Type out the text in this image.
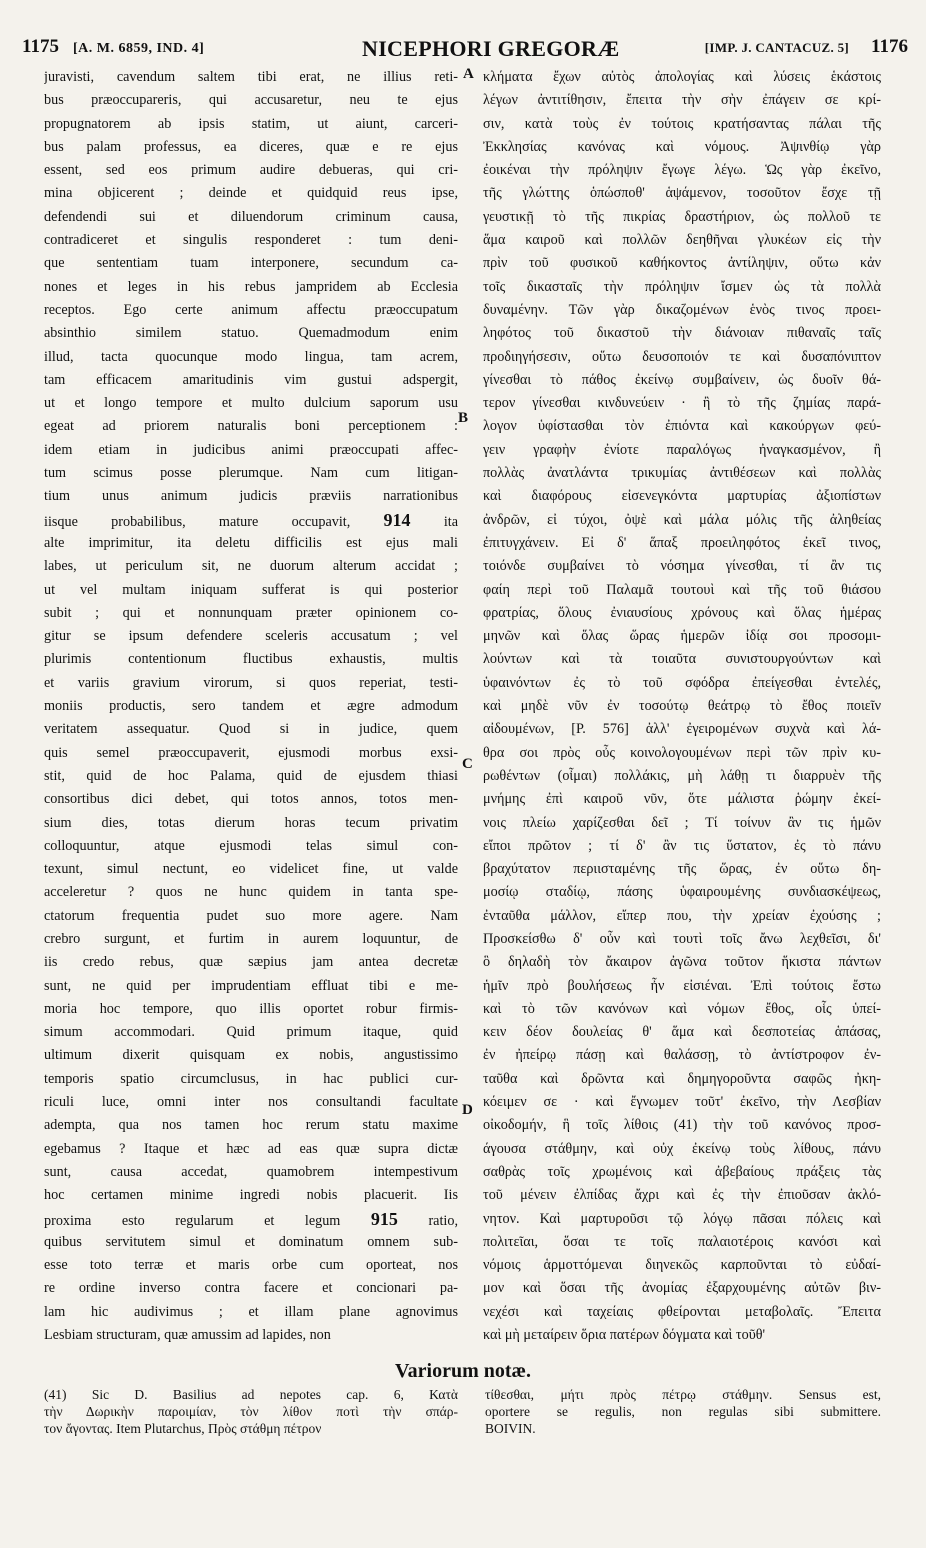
1175 [A. M. 6859, IND. 4]	NICEPHORI GREGORÆ	[IMP. J. CANTACUZ. 5] 1176
A
B
C
D
juravisti, cavendum saltem tibi erat, ne illius reti-
bus præoccupareris, qui accusaretur, neu te ejus
propugnatorem ab ipsis statim, ut aiunt, carceri-
bus palam professus, ea diceres, quæ e re ejus
essent, sed eos primum audire debueras, qui cri-
mina objicerent ; deinde et quidquid reus ipse,
defendendi sui et diluendorum criminum causa,
contradiceret et singulis responderet : tum deni-
que sententiam tuam interponere, secundum ca-
nones et leges in his rebus jampridem ab Ecclesia
receptos. Ego certe animum affectu præoccupatum
absinthio similem statuo. Quemadmodum enim
illud, tacta quocunque modo lingua, tam acrem,
tam efficacem amaritudinis vim gustui adspergit,
ut et longo tempore et multo dulcium saporum usu
egeat ad priorem naturalis boni perceptionem :
idem etiam in judicibus animi præoccupati affec-
tum scimus posse plerumque. Nam cum litigan-
tium unus animum judicis præviis narrationibus
iisque probabilibus, mature occupavit, 914 ita
alte imprimitur, ita deletu difficilis est ejus mali
labes, ut periculum sit, ne duorum alterum accidat ;
ut vel multam iniquam sufferat is qui posterior
subit ; qui et nonnunquam præter opinionem co-
gitur se ipsum defendere sceleris accusatum ; vel
plurimis contentionum fluctibus exhaustis, multis
et variis gravium virorum, si quos reperiat, testi-
moniis productis, sero tandem et ægre admodum
veritatem assequatur. Quod si in judice, quem
quis semel præoccupaverit, ejusmodi morbus exsi-
stit, quid de hoc Palama, quid de ejusdem thiasi
consortibus dici debet, qui totos annos, totos men-
sium dies, totas dierum horas tecum privatim
colloquuntur, atque ejusmodi telas simul con-
texunt, simul nectunt, eo videlicet fine, ut valde
acceleretur ? quos ne hunc quidem in tanta spe-
ctatorum frequentia pudet suo more agere. Nam
crebro surgunt, et furtim in aurem loquuntur, de
iis credo rebus, quæ sæpius jam antea decretæ
sunt, ne quid per imprudentiam effluat tibi e me-
moria hoc tempore, quo illis oportet robur firmis-
simum accommodari. Quid primum itaque, quid
ultimum dixerit quisquam ex nobis, angustissimo
temporis spatio circumclusus, in hac publici cur-
riculi luce, omni inter nos consultandi facultate
adempta, qua nos tamen hoc rerum statu maxime
egebamus ? Itaque et hæc ad eas quæ supra dictæ
sunt, causa accedat, quamobrem intempestivum
hoc certamen minime ingredi nobis placuerit. Iis
proxima esto regularum et legum 915 ratio,
quibus servitutem simul et dominatum omnem sub-
esse toto terræ et maris orbe cum oporteat, nos
re ordine inverso contra facere et concionari pa-
lam hic audivimus ; et illam plane agnovimus
Lesbiam structuram, quæ amussim ad lapides, non
κλήματα ἔχων αὐτὸς ἀπολογίας καὶ λύσεις ἑκάστοις
λέγων ἀντιτίθησιν, ἔπειτα τὴν σὴν ἐπάγειν σε κρί-
σιν, κατὰ τοὺς ἐν τούτοις κρατήσαντας πάλαι τῆς
Ἐκκλησίας κανόνας καὶ νόμους. Ἀψινθίῳ γὰρ
ἐοικέναι τὴν πρόληψιν ἔγωγε λέγω. Ὡς γὰρ ἐκεῖνο,
τῆς γλώττης ὁπώσποθ' ἁψάμενον, τοσοῦτον ἔσχε τῇ
γευστικῇ τὸ τῆς πικρίας δραστήριον, ὡς πολλοῦ τε
ἅμα καιροῦ καὶ πολλῶν δεηθῆναι γλυκέων εἰς τὴν
πρὶν τοῦ φυσικοῦ καθήκοντος ἀντίληψιν, οὕτω κἀν
τοῖς δικασταῖς τὴν πρόληψιν ἴσμεν ὡς τὰ πολλὰ
δυναμένην. Τῶν γὰρ δικαζομένων ἑνὸς τινος προει-
ληφότος τοῦ δικαστοῦ τὴν διάνοιαν πιθαναῖς ταῖς
προδιηγήσεσιν, οὕτω δευσοποιόν τε καὶ δυσαπόνιπτον
γίνεσθαι τὸ πάθος ἐκείνῳ συμβαίνειν, ὡς δυοῖν θά-
τερον γίνεσθαι κινδυνεύειν · ἢ τὸ τῆς ζημίας παρά-
λογον ὑφίστασθαι τὸν ἐπιόντα καὶ κακούργων φεύ-
γειν γραφὴν ἐνίοτε παραλόγως ἠναγκασμένον, ἢ
πολλὰς ἀνατλάντα τρικυμίας ἀντιθέσεων καὶ πολλὰς
καὶ διαφόρους εἰσενεγκόντα μαρτυρίας ἀξιοπίστων
ἀνδρῶν, εἰ τύχοι, ὀψὲ καὶ μάλα μόλις τῆς ἀληθείας
ἐπιτυγχάνειν. Εἰ δ' ἅπαξ προειληφότος ἐκεῖ τινος,
τοιόνδε συμβαίνει τὸ νόσημα γίνεσθαι, τί ἂν τις
φαίη περὶ τοῦ Παλαμᾶ τουτουὶ καὶ τῆς τοῦ θιάσου
φρατρίας, ὅλους ἐνιαυσίους χρόνους καὶ ὅλας ἡμέρας
μηνῶν καὶ ὅλας ὥρας ἡμερῶν ἰδίᾳ σοι προσομι-
λούντων καὶ τὰ τοιαῦτα συνιστουργούντων καὶ
ὑφαινόντων ἐς τὸ τοῦ σφόδρα ἐπείγεσθαι ἐντελές,
καὶ μηδὲ νῦν ἐν τοσούτῳ θεάτρῳ τὸ ἔθος ποιεῖν
αἰδουμένων, [P. 576] ἀλλ' ἐγειρομένων συχνὰ καὶ λά-
θρα σοι πρὸς οὖς κοινολογουμένων περὶ τῶν πρὶν κυ-
ρωθέντων (οἶμαι) πολλάκις, μὴ λάθῃ τι διαρρυὲν τῆς
μνήμης ἐπὶ καιροῦ νῦν, ὅτε μάλιστα ῥώμην ἐκεί-
νοις πλείω χαρίζεσθαι δεῖ ; Τί τοίνυν ἂν τις ἡμῶν
εἴποι πρῶτον ; τί δ' ἂν τις ὕστατον, ἐς τὸ πάνυ
βραχύτατον περιισταμένης τῆς ὥρας, ἐν οὕτω δη-
μοσίῳ σταδίῳ, πάσης ὑφαιρουμένης συνδιασκέψεως,
ἐνταῦθα μάλλον, εἴπερ που, τὴν χρείαν ἐχούσης ;
Προσκείσθω δ' οὖν καὶ τουτὶ τοῖς ἄνω λεχθεῖσι, δι'
ὃ δηλαδὴ τὸν ἄκαιρον ἀγῶνα τοῦτον ἥκιστα πάντων
ἡμῖν πρὸ βουλήσεως ἦν εἰσιέναι. Ἐπὶ τούτοις ἔστω
καὶ τὸ τῶν κανόνων καὶ νόμων ἔθος, οἷς ὑπεί-
κειν δέον δουλείας θ' ἅμα καὶ δεσποτείας ἁπάσας,
ἐν ἠπείρῳ πάσῃ καὶ θαλάσσῃ, τὸ ἀντίστροφον ἐν-
ταῦθα καὶ δρῶντα καὶ δημηγοροῦντα σαφῶς ἠκη-
κόειμεν σε · καὶ ἔγνωμεν τοῦτ' ἐκεῖνο, τὴν Λεσβίαν
οἰκοδομήν, ἣ τοῖς λίθοις (41) τὴν τοῦ κανόνος προσ-
άγουσα στάθμην, καὶ οὐχ ἐκείνῳ τοὺς λίθους, πάνυ
σαθρὰς τοῖς χρωμένοις καὶ ἀβεβαίους πράξεις τὰς
τοῦ μένειν ἐλπίδας ἄχρι καὶ ἐς τὴν ἐπιοῦσαν ἀκλό-
νητον. Καὶ μαρτυροῦσι τῷ λόγῳ πᾶσαι πόλεις καὶ
πολιτεῖαι, ὅσαι τε τοῖς παλαιοτέροις κανόσι καὶ
νόμοις ἁρμοττόμεναι διηνεκῶς καρποῦνται τὸ εὐδαί-
μον καὶ ὅσαι τῆς ἀνομίας ἐξαρχουμένης αὐτῶν βιν-
νεχέσι καὶ ταχείαις φθείρονται μεταβολαῖς. Ἔπειτα
καὶ μὴ μεταίρειν ὅρια πατέρων δόγματα καὶ τοῦθ'
Variorum notæ.
(41) Sic D. Basilius ad nepotes cap. 6, Κατὰ
τὴν Δωρικὴν παροιμίαν, τὸν λίθον ποτὶ τὴν σπάρ-
τον ἄγοντας. Item Plutarchus, Πρὸς στάθμη πέτρον
τίθεσθαι, μήτι πρὸς πέτρῳ στάθμην. Sensus est,
oportere se regulis, non regulas sibi submittere.
BOIVIN.
